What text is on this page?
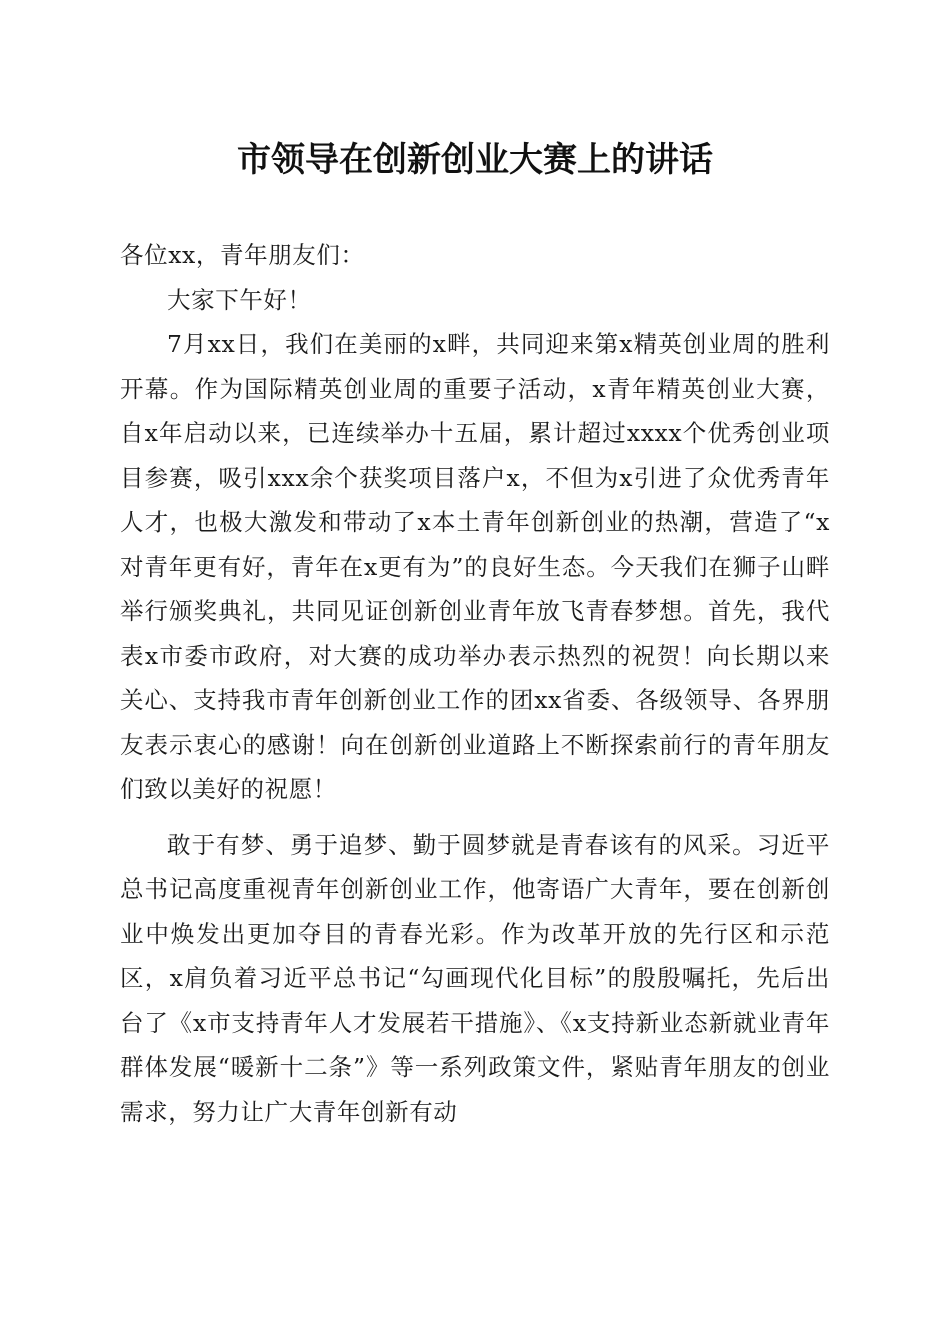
市领导在创新创业大赛上的讲话

各位xx，青年朋友们：

大家下午好！

7月xx日，我们在美丽的x畔，共同迎来第x精英创业周的胜利开幕。作为国际精英创业周的重要子活动，x青年精英创业大赛，自x年启动以来，已连续举办十五届，累计超过xxxx个优秀创业项目参赛，吸引xxx余个获奖项目落户x，不但为x引进了众优秀青年人才，也极大激发和带动了x本土青年创新创业的热潮，营造了“x对青年更有好，青年在x更有为”的良好生态。今天我们在狮子山畔举行颁奖典礼，共同见证创新创业青年放飞青春梦想。首先，我代表x市委市政府，对大赛的成功举办表示热烈的祝贺！向长期以来关心、支持我市青年创新创业工作的团xx省委、各级领导、各界朋友表示衷心的感谢！向在创新创业道路上不断探索前行的青年朋友们致以美好的祝愿！

敢于有梦、勇于追梦、勤于圆梦就是青春该有的风采。习近平总书记高度重视青年创新创业工作，他寄语广大青年，要在创新创业中焕发出更加夺目的青春光彩。作为改革开放的先行区和示范区，x肩负着习近平总书记“勾画现代化目标”的殷殷嘱托，先后出台了《x市支持青年人才发展若干措施》、《x支持新业态新就业青年群体发展“暖新十二条”》等一系列政策文件，紧贴青年朋友的创业需求，努力让广大青年创新有动
